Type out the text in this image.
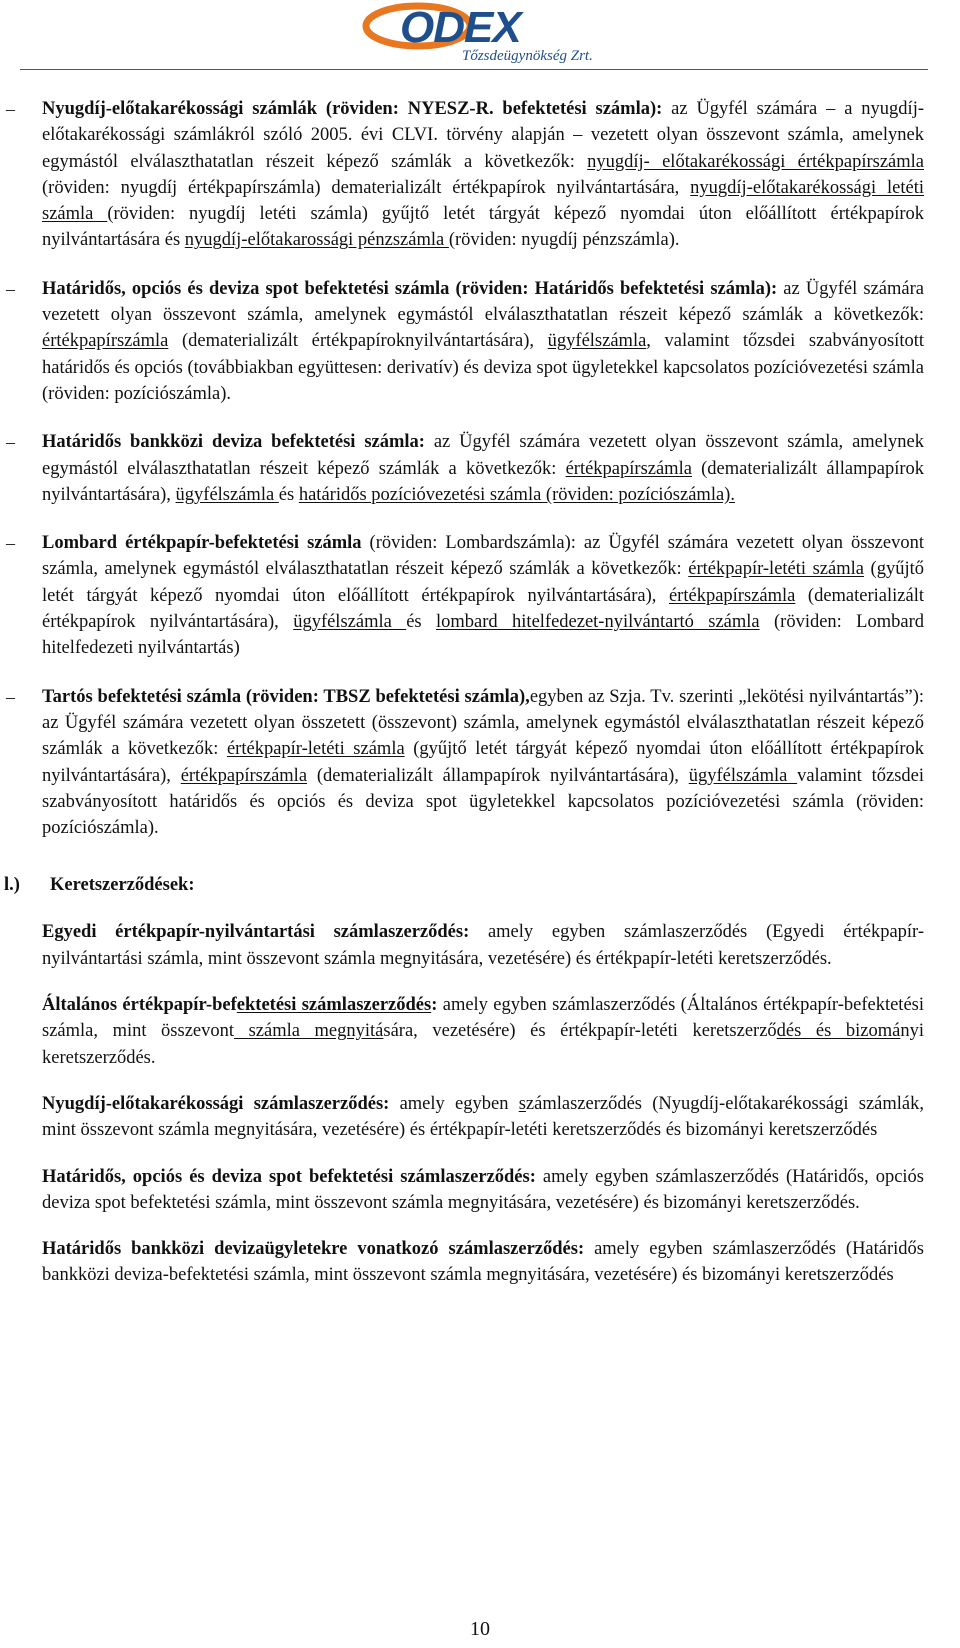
ODEX
Tőzsdeügynökség Zrt.
–	Nyugdíj-előtakarékossági számlák (röviden: NYESZ-R. befektetési számla): az Ügyfél számára – a nyugdíj-előtakarékossági számlákról szóló 2005. évi CLVI. törvény alapján – vezetett olyan összevont számla, amelynek egymástól elválaszthatatlan részeit képező számlák a következők: nyugdíj- előtakarékossági értékpapírszámla (röviden: nyugdíj értékpapírszámla) dematerializált értékpapírok nyilvántartására, nyugdíj-előtakarékossági letéti számla (röviden: nyugdíj letéti számla) gyűjtő letét tárgyát képező nyomdai úton előállított értékpapírok nyilvántartására és nyugdíj-előtakarossági pénzszámla (röviden: nyugdíj pénzszámla).

–	Határidős, opciós és deviza spot befektetési számla (röviden: Határidős befektetési számla): az Ügyfél számára vezetett olyan összevont számla, amelynek egymástól elválaszthatatlan részeit képező számlák a következők: értékpapírszámla (dematerializált értékpapíroknyilvántartására), ügyfélszámla, valamint tőzsdei szabványosított határidős és opciós (továbbiakban együttesen: derivatív) és deviza spot ügyletekkel kapcsolatos pozícióvezetési számla (röviden: pozíciószámla).

–	Határidős bankközi deviza befektetési számla: az Ügyfél számára vezetett olyan összevont számla, amelynek egymástól elválaszthatatlan részeit képező számlák a következők: értékpapírszámla (dematerializált állampapírok nyilvántartására), ügyfélszámla és határidős pozícióvezetési számla (röviden: pozíciószámla).

–	Lombard értékpapír-befektetési számla (röviden: Lombardszámla): az Ügyfél számára vezetett olyan összevont számla, amelynek egymástól elválaszthatatlan részeit képező számlák a következők: értékpapír-letéti számla (gyűjtő letét tárgyát képező nyomdai úton előállított értékpapírok nyilvántartására), értékpapírszámla (dematerializált értékpapírok nyilvántartására), ügyfélszámla és lombard hitelfedezet-nyilvántartó számla (röviden: Lombard hitelfedezeti nyilvántartás)

–	Tartós befektetési számla (röviden: TBSZ befektetési számla),egyben az Szja. Tv. szerinti „lekötési nyilvántartás”): az Ügyfél számára vezetett olyan összetett (összevont) számla, amelynek egymástól elválaszthatatlan részeit képező számlák a következők: értékpapír-letéti számla (gyűjtő letét tárgyát képező nyomdai úton előállított értékpapírok nyilvántartására), értékpapírszámla (dematerializált állampapírok nyilvántartására), ügyfélszámla valamint tőzsdei szabványosított határidős és opciós és deviza spot ügyletekkel kapcsolatos pozícióvezetési számla (röviden: pozíciószámla).

l.) Keretszerződések:

Egyedi értékpapír-nyilvántartási számlaszerződés: amely egyben számlaszerződés (Egyedi értékpapír-nyilvántartási számla, mint összevont számla megnyitására, vezetésére) és értékpapír-letéti keretszerződés.

Általános értékpapír-befektetési számlaszerződés: amely egyben számlaszerződés (Általános értékpapír-befektetési számla, mint összevont számla megnyitására, vezetésére) és értékpapír-letéti keretszerződés és bizományi keretszerződés.

Nyugdíj-előtakarékossági számlaszerződés: amely egyben számlaszerződés (Nyugdíj-előtakarékossági számlák, mint összevont számla megnyitására, vezetésére) és értékpapír-letéti keretszerződés és bizományi keretszerződés

Határidős, opciós és deviza spot befektetési számlaszerződés: amely egyben számlaszerződés (Határidős, opciós deviza spot befektetési számla, mint összevont számla megnyitására, vezetésére) és bizományi keretszerződés.

Határidős bankközi devizaügyletekre vonatkozó számlaszerződés: amely egyben számlaszerződés (Határidős bankközi deviza-befektetési számla, mint összevont számla megnyitására, vezetésére) és bizományi keretszerződés

10
